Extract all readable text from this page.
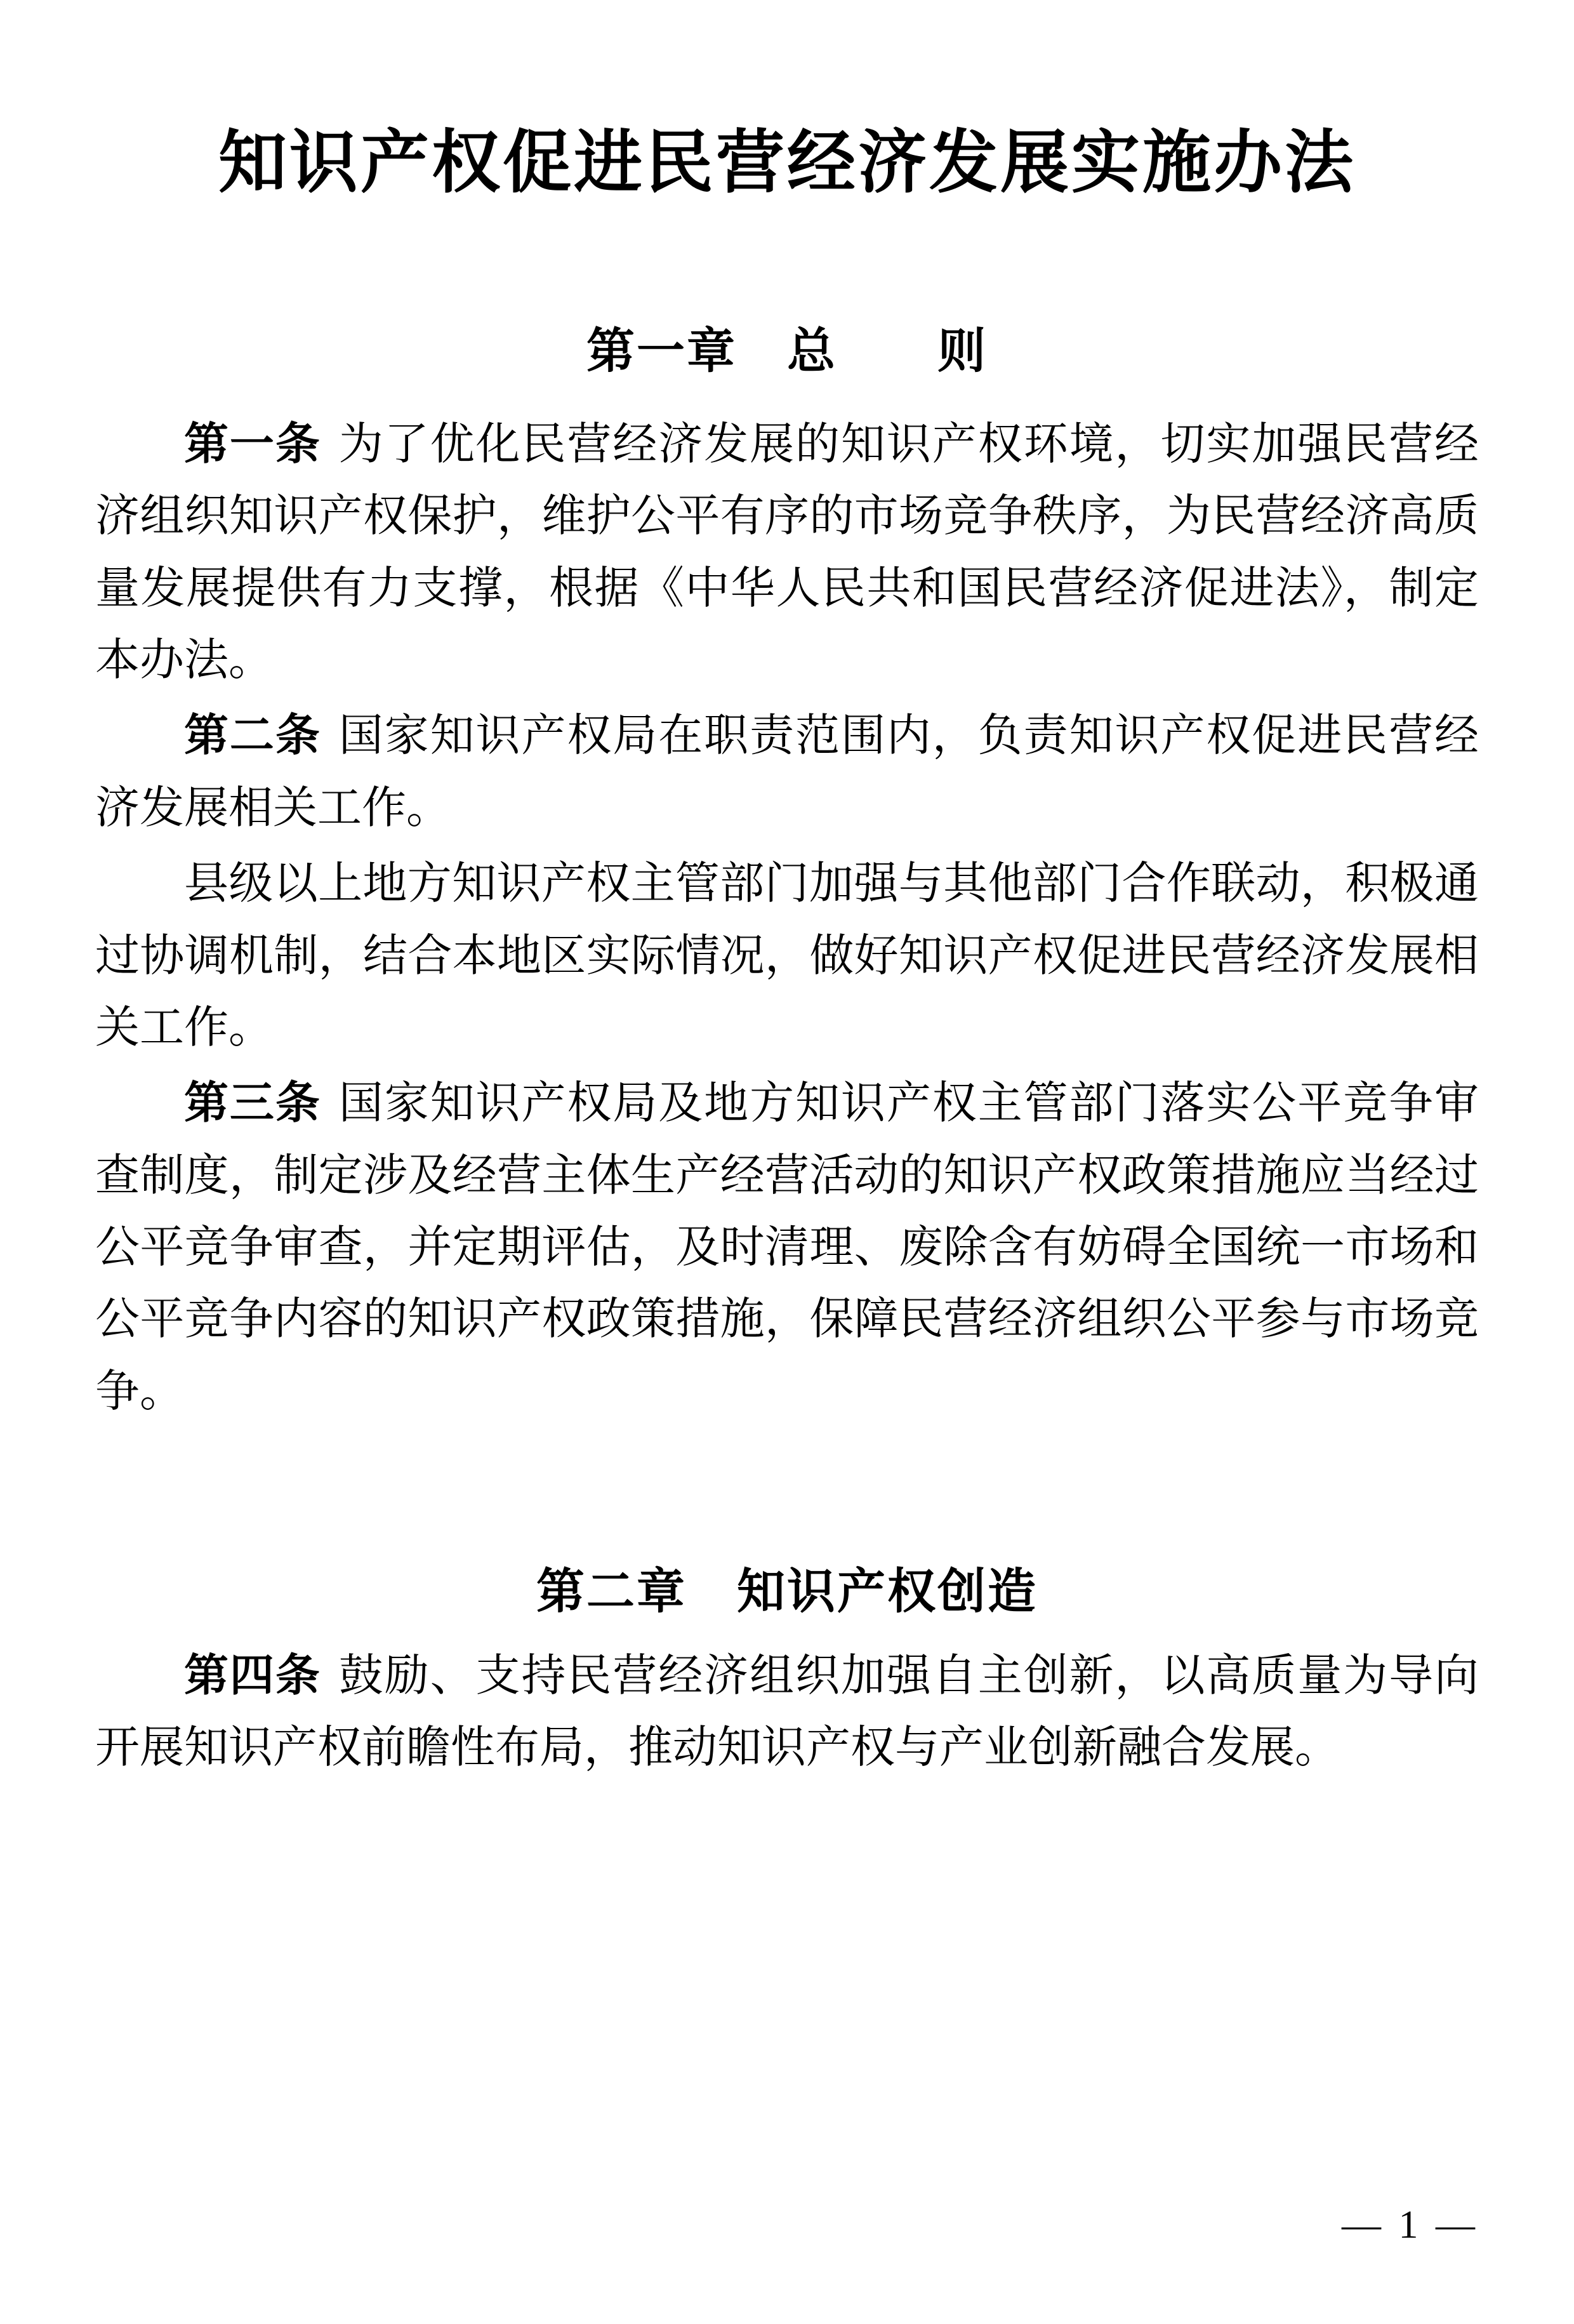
知识产权促进民营经济发展实施办法
第一章　总　　则

第一条 为了优化民营经济发展的知识产权环境，切实加强民营经济组织知识产权保护，维护公平有序的市场竞争秩序，为民营经济高质量发展提供有力支撑，根据《中华人民共和国民营经济促进法》，制定本办法。

第二条 国家知识产权局在职责范围内，负责知识产权促进民营经济发展相关工作。

县级以上地方知识产权主管部门加强与其他部门合作联动，积极通过协调机制，结合本地区实际情况，做好知识产权促进民营经济发展相关工作。

第三条 国家知识产权局及地方知识产权主管部门落实公平竞争审查制度，制定涉及经营主体生产经营活动的知识产权政策措施应当经过公平竞争审查，并定期评估，及时清理、废除含有妨碍全国统一市场和公平竞争内容的知识产权政策措施，保障民营经济组织公平参与市场竞争。

第二章　知识产权创造

第四条 鼓励、支持民营经济组织加强自主创新，以高质量为导向开展知识产权前瞻性布局，推动知识产权与产业创新融合发展。

— 1 —
